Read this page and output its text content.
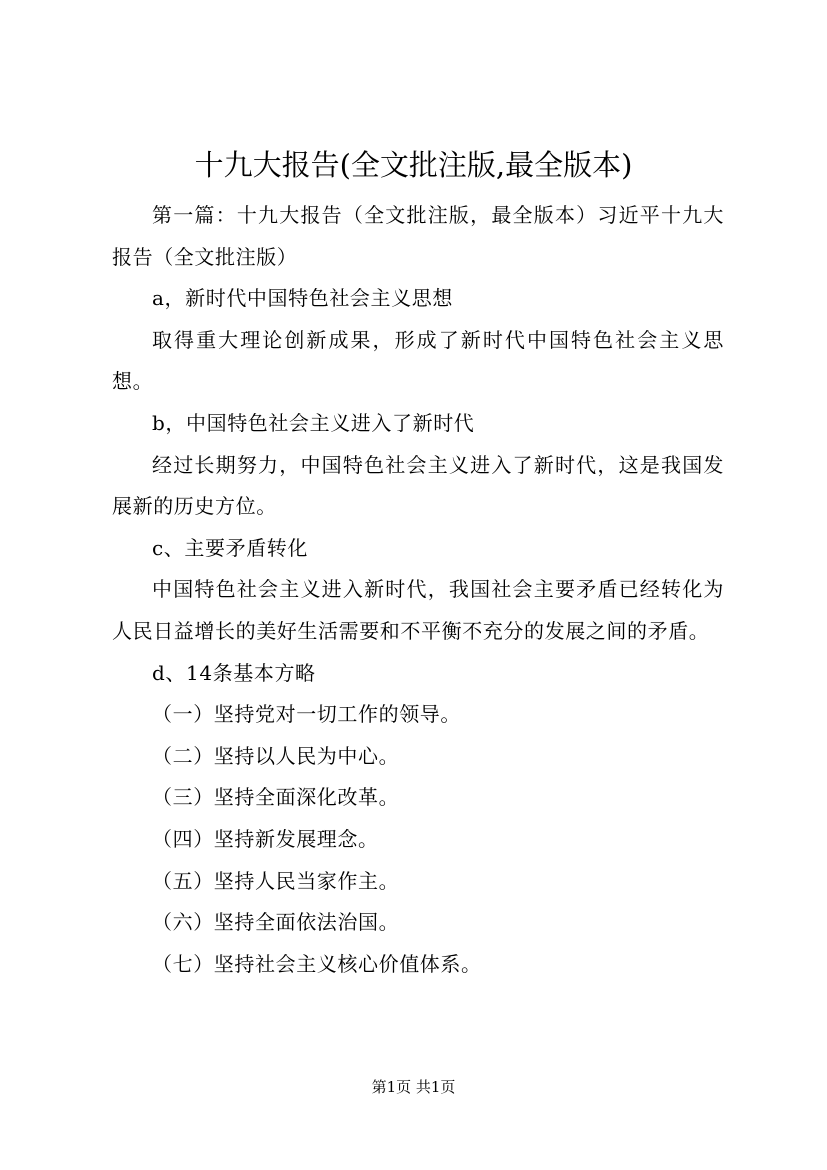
十九大报告(全文批注版,最全版本)

第一篇：十九大报告（全文批注版，最全版本）习近平十九大报告（全文批注版）

a，新时代中国特色社会主义思想

取得重大理论创新成果，形成了新时代中国特色社会主义思想。

b，中国特色社会主义进入了新时代

经过长期努力，中国特色社会主义进入了新时代，这是我国发展新的历史方位。

c、主要矛盾转化

中国特色社会主义进入新时代，我国社会主要矛盾已经转化为人民日益增长的美好生活需要和不平衡不充分的发展之间的矛盾。

d、14条基本方略

（一）坚持党对一切工作的领导。

（二）坚持以人民为中心。

（三）坚持全面深化改革。

（四）坚持新发展理念。

（五）坚持人民当家作主。

（六）坚持全面依法治国。

（七）坚持社会主义核心价值体系。

第1页 共1页
